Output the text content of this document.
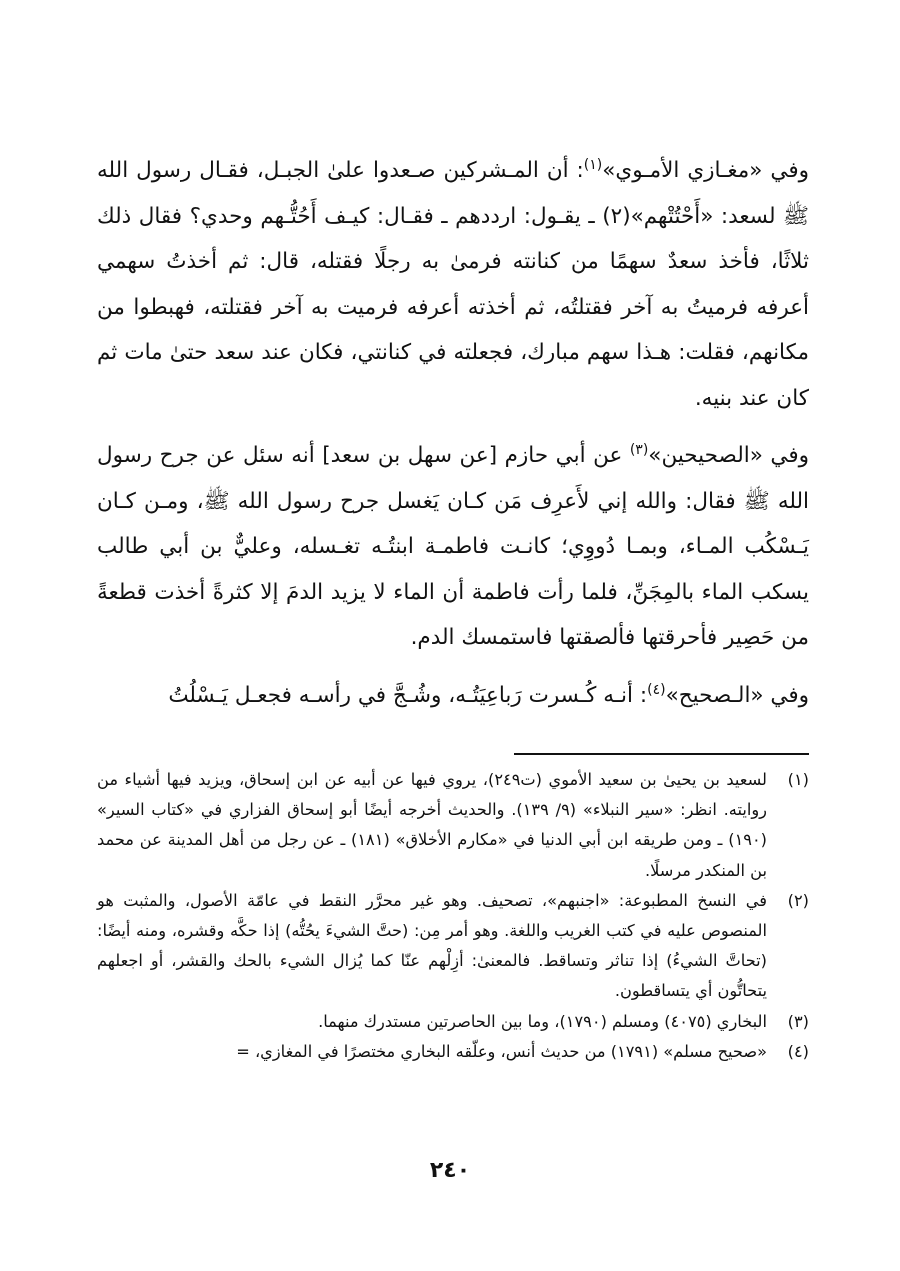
وفي «مغـازي الأمـوي»$^{(١)}$: أن المـشركين صـعدوا علىٰ الجبـل، فقـال رسول الله ﷺ لسعد: «أَحْتُتْهم»(٢) ـ يقـول: اردده‍م ـ فقـال: كيـف أَحُتُّـهم وحدي؟ فقال ذلك ثلاثًا، فأخذ سعدٌ سهمًا من كنانته فرمىٰ به رجلًا فقتله، قال: ثم أخذتُ سهمي أعرفه فرميتُ به آخر فقتلتُه، ثم أخذته أعرفه فرميت به آخر فقتلته، فهبطوا من مكانهم، فقلت: هـذا سهم مبارك، فجعلته في كنانتي، فكان عند سعد حتىٰ مات ثم كان عند بنيه.

وفي «الصحيحين»$^{(٣)}$ عن أبي حازم [عن سهل بن سعد] أنه سئل عن جرح رسول الله ﷺ فقال: والله إني لأَعرِف مَن كـان يَغسل جرح رسول الله ﷺ، ومـن كـان يَـسْكُب المـاء، وبمـا دُووِي؛ كانـت فاطمـة ابنتُـه تغـسله، وعليٌّ بن أبي طالب يسكب الماء بالمِجَنِّ، فلما رأت فاطمة أن الماء لا يزيد الدمَ إلا كثرةً أخذت قطعةً من حَصِير فأحرقتها فألصقتها فاستمسك الدم.

وفي «الـصحيح»$^{(٤)}$: أنـه كُـسرت رَباعِيَتُـه، وشُـجَّ في رأسـه فجعـل يَـسْلُتُ

(١)
لسعيد بن يحيىٰ بن سعيد الأموي (ت٢٤٩)، يروي فيها عن أبيه عن ابن إسحاق، ويزيد فيها أشياء من روايته. انظر: «سير النبلاء» (٩/ ١٣٩). والحديث أخرجه أيضًا أبو إسحاق الفزاري في «كتاب السير» (١٩٠) ـ ومن طريقه ابن أبي الدنيا في «مكارم الأخلاق» (١٨١) ـ عن رجل من أهل المدينة عن محمد بن المنكدر مرسلًا.
(٢)
في النسخ المطبوعة: «اجنبهم»، تصحيف. وهو غير محرَّر النقط في عامّة الأصول، والمثبت هو المنصوص عليه في كتب الغريب واللغة. وهو أمر مِن: (حتَّ الشيءَ يحُتُّه) إذا حكَّه وقشره، ومنه أيضًا: (تحاتَّ الشيءُ) إذا تناثر وتساقط. فالمعنىٰ: أزِلْهم عنّا كما يُزال الشيء بالحك والقشر، أو اجعلهم يتحاتُّون أي يتساقطون.
(٣)
البخاري (٤٠٧٥) ومسلم (١٧٩٠)، وما بين الحاصرتين مستدرك منهما.
(٤)
«صحيح مسلم» (١٧٩١) من حديث أنس، وعلّقه البخاري مختصرًا في المغازي، =
٢٤٠
